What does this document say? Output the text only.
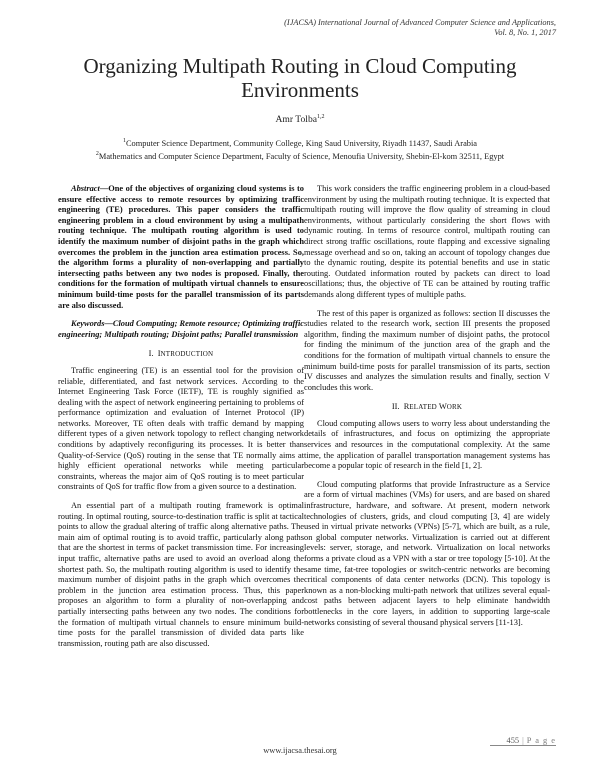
(IJACSA) International Journal of Advanced Computer Science and Applications,
Vol. 8, No. 1, 2017
Organizing Multipath Routing in Cloud Computing
Environments
Amr Tolba$^{1,2}$
$^1$Computer Science Department, Community College, King Saud University, Riyadh 11437, Saudi Arabia
$^2$Mathematics and Computer Science Department, Faculty of Science, Menoufia University, Shebin-El-kom 32511, Egypt

Abstract—One of the objectives of organizing cloud systems is to ensure effective access to remote resources by optimizing traffic engineering (TE) procedures. This paper considers the traffic engineering problem in a cloud environment by using a multipath routing technique. The multipath routing algorithm is used to identify the maximum number of disjoint paths in the graph which overcomes the problem in the junction area estimation process. So, the algorithm forms a plurality of non-overlapping and partially intersecting paths between any two nodes is proposed. Finally, the conditions for the formation of multipath virtual channels to ensure minimum build-time posts for the parallel transmission of its parts are also discussed.

Keywords—Cloud Computing; Remote resource; Optimizing traffic engineering; Multipath routing; Disjoint paths; Parallel transmission

I. INTRODUCTION

Traffic engineering (TE) is an essential tool for the provision of reliable, differentiated, and fast network services. According to the Internet Engineering Task Force (IETF), TE is roughly signified as dealing with the aspect of network engineering pertaining to problems of performance optimization and evaluation of Internet Protocol (IP) networks. Moreover, TE often deals with traffic demand by mapping different types of a given network topology to reflect changing network conditions by adaptively reconfiguring its processes. It is better than Quality-of-Service (QoS) routing in the sense that TE normally aims at highly efficient operational networks while meeting particular constraints, whereas the major aim of QoS routing is to meet particular constraints of QoS for traffic flow from a given source to a destination.

An essential part of a multipath routing framework is optimal routing. In optimal routing, source-to-destination traffic is split at tactical points to allow the gradual altering of traffic along alternative paths. The main aim of optimal routing is to avoid traffic, particularly along paths that are the shortest in terms of packet transmission time. For increasing input traffic, alternative paths are used to avoid an overload along the shortest path. So, the multipath routing algorithm is used to identify the maximum number of disjoint paths in the graph which overcomes the problem in the junction area estimation process. Thus, this paper proposes an algorithm to form a plurality of non-overlapping and partially intersecting paths between any two nodes. The conditions for the formation of multipath virtual channels to ensure minimum build-time posts for the parallel transmission of divided data parts like transmission, routing path are also discussed.

This work considers the traffic engineering problem in a cloud-based environment by using the multipath routing technique. It is expected that multipath routing will improve the flow quality of streaming in cloud environments, without particularly considering the short flows with dynamic routing. In terms of resource control, multipath routing can direct strong traffic oscillations, route flapping and excessive signaling message overhead and so on, taking an account of topology changes due to the dynamic routing, despite its potential benefits and use in static routing. Outdated information routed by packets can direct to load oscillations; thus, the objective of TE can be attained by routing traffic demands along different types of multiple paths.

The rest of this paper is organized as follows: section II discusses the studies related to the research work, section III presents the proposed algorithm, finding the maximum number of disjoint paths, the protocol for finding the minimum of the junction area of the graph and the conditions for the formation of multipath virtual channels to ensure the minimum build-time posts for parallel transmission of its parts, section IV discusses and analyzes the simulation results and finally, section V concludes this work.

II. RELATED WORK

Cloud computing allows users to worry less about understanding the details of infrastructures, and focus on optimizing the appropriate services and resources in the computational complexity. At the same time, the application of parallel transportation management systems has become a popular topic of research in the field [1, 2].

Cloud computing platforms that provide Infrastructure as a Service are a form of virtual machines (VMs) for users, and are based on shared infrastructure, hardware, and software. At present, modern network technologies of clusters, grids, and cloud computing [3, 4] are widely used in virtual private networks (VPNs) [5-7], which are built, as a rule, on global computer networks. Virtualization is carried out at different levels: server, storage, and network. Virtualization on local networks forms a private cloud as a VPN with a star or tree topology [5-10]. At the same time, fat-tree topologies or switch-centric networks are becoming critical components of data center networks (DCN). This topology is known as a non-blocking multi-path network that utilizes several equal-cost paths between adjacent layers to help eliminate handwidth bottlenecks in the core layers, in addition to supporting large-scale networks consisting of several thousand physical servers [11-13].

455 | P a g e
www.ijacsa.thesai.org
